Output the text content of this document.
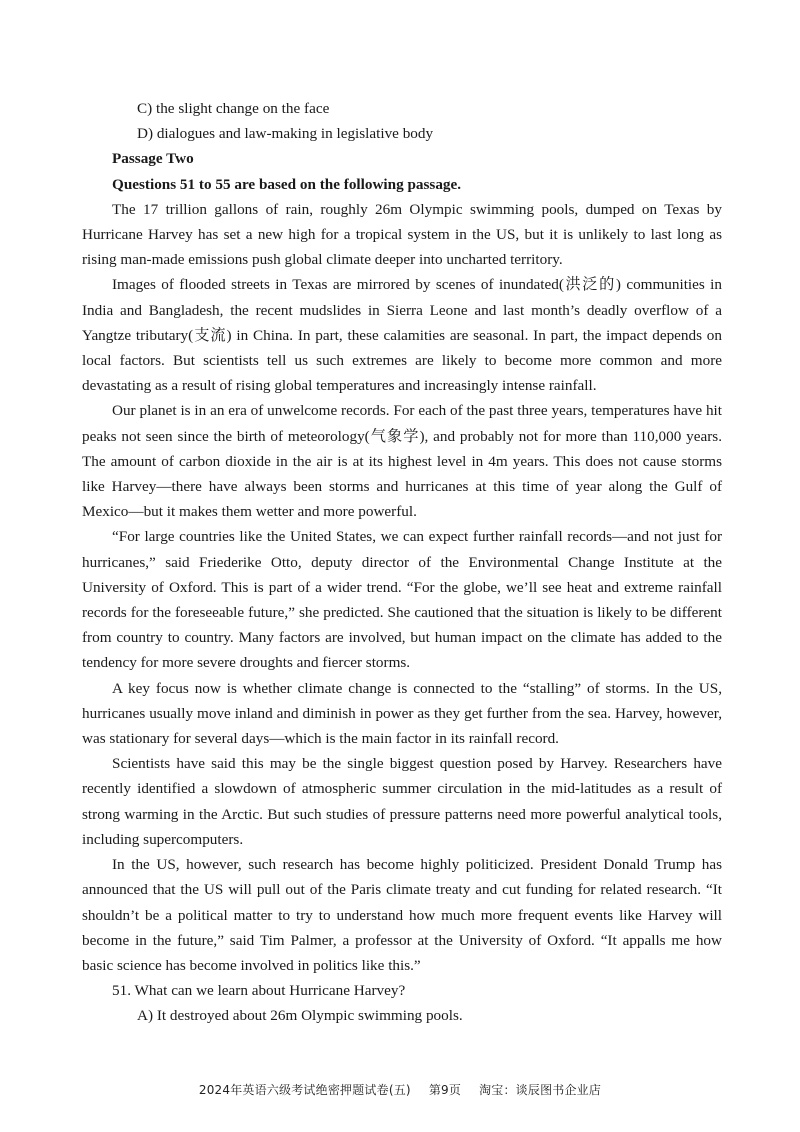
C) the slight change on the face
D) dialogues and law-making in legislative body
Passage Two
Questions 51 to 55 are based on the following passage.

The 17 trillion gallons of rain, roughly 26m Olympic swimming pools, dumped on Texas by Hurricane Harvey has set a new high for a tropical system in the US, but it is unlikely to last long as rising man-made emissions push global climate deeper into uncharted territory.

Images of flooded streets in Texas are mirrored by scenes of inundated(洪泛的) communities in India and Bangladesh, the recent mudslides in Sierra Leone and last month’s deadly overflow of a Yangtze tributary(支流) in China. In part, these calamities are seasonal. In part, the impact depends on local factors. But scientists tell us such extremes are likely to become more common and more devastating as a result of rising global temperatures and increasingly intense rainfall.

Our planet is in an era of unwelcome records. For each of the past three years, temperatures have hit peaks not seen since the birth of meteorology(气象学), and probably not for more than 110,000 years. The amount of carbon dioxide in the air is at its highest level in 4m years. This does not cause storms like Harvey—there have always been storms and hurricanes at this time of year along the Gulf of Mexico—but it makes them wetter and more powerful.

“For large countries like the United States, we can expect further rainfall records—and not just for hurricanes,” said Friederike Otto, deputy director of the Environmental Change Institute at the University of Oxford. This is part of a wider trend. “For the globe, we’ll see heat and extreme rainfall records for the foreseeable future,” she predicted. She cautioned that the situation is likely to be different from country to country. Many factors are involved, but human impact on the climate has added to the tendency for more severe droughts and fiercer storms.

A key focus now is whether climate change is connected to the “stalling” of storms. In the US, hurricanes usually move inland and diminish in power as they get further from the sea. Harvey, however, was stationary for several days—which is the main factor in its rainfall record.

Scientists have said this may be the single biggest question posed by Harvey. Researchers have recently identified a slowdown of atmospheric summer circulation in the mid-latitudes as a result of strong warming in the Arctic. But such studies of pressure patterns need more powerful analytical tools, including supercomputers.

In the US, however, such research has become highly politicized. President Donald Trump has announced that the US will pull out of the Paris climate treaty and cut funding for related research. “It shouldn’t be a political matter to try to understand how much more frequent events like Harvey will become in the future,” said Tim Palmer, a professor at the University of Oxford. “It appalls me how basic science has become involved in politics like this.”

51. What can we learn about Hurricane Harvey?
A) It destroyed about 26m Olympic swimming pools.
2024年英语六级考试绝密押题试卷(五) 第9页 淘宝：谈辰图书企业店
